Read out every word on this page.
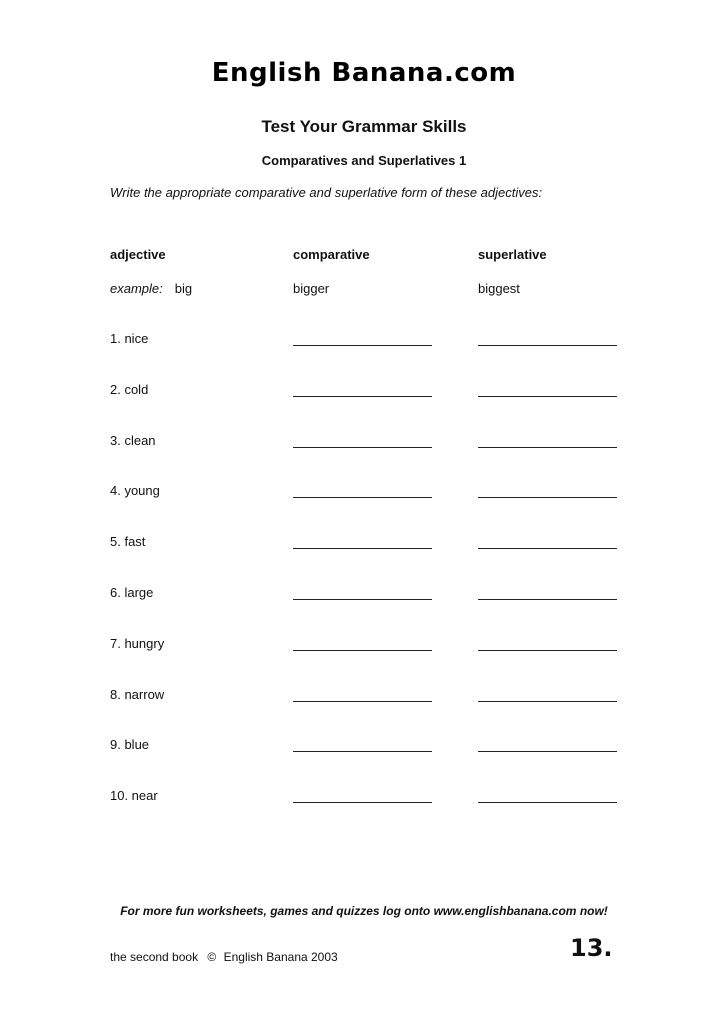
English Banana.com
Test Your Grammar Skills
Comparatives and Superlatives 1
Write the appropriate comparative and superlative form of these adjectives:
adjective	comparative	superlative
example: big	bigger	biggest
1. nice
2. cold
3. clean
4. young
5. fast
6. large
7. hungry
8. narrow
9. blue
10. near
For more fun worksheets, games and quizzes log onto www.englishbanana.com now!
the second book © English Banana 2003	13.
